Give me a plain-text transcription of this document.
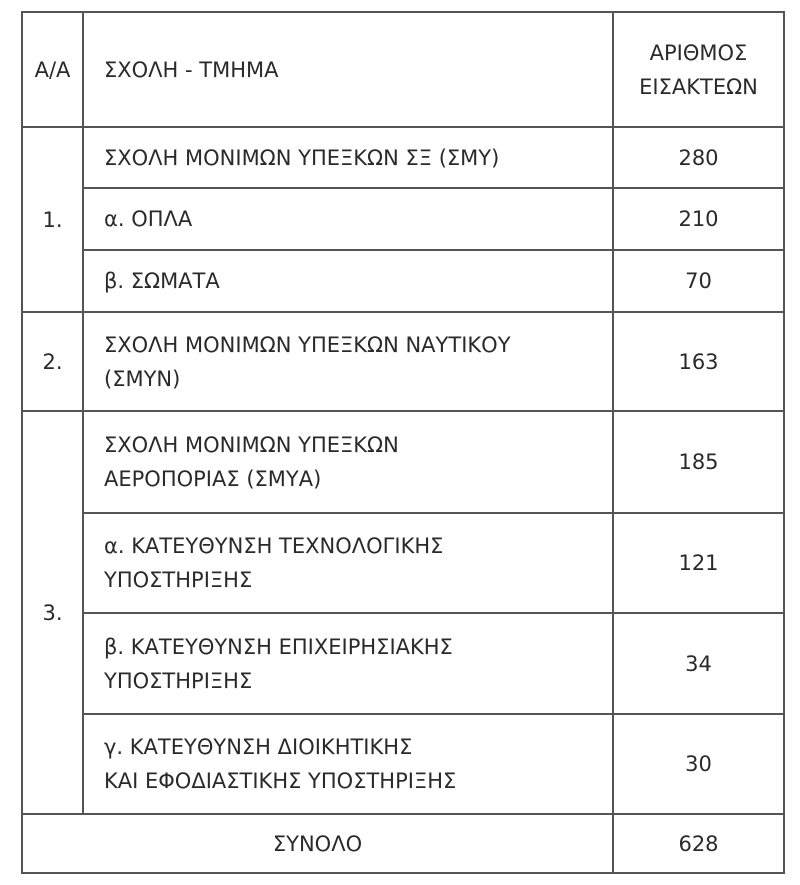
Α/Α	ΣΧΟΛΗ - ΤΜΗΜΑ	ΑΡΙΘΜΟΣ
ΕΙΣΑΚΤΕΩΝ
1.	ΣΧΟΛΗ ΜΟΝΙΜΩΝ ΥΠΕΞΚΩΝ ΣΞ (ΣΜΥ)	280
	α. ΟΠΛΑ	210
	β. ΣΩΜΑΤΑ	70
2.	ΣΧΟΛΗ ΜΟΝΙΜΩΝ ΥΠΕΞΚΩΝ ΝΑΥΤΙΚΟΥ
(ΣΜΥΝ)	163
3.	ΣΧΟΛΗ ΜΟΝΙΜΩΝ ΥΠΕΞΚΩΝ
ΑΕΡΟΠΟΡΙΑΣ (ΣΜΥΑ)	185
	α. ΚΑΤΕΥΘΥΝΣΗ ΤΕΧΝΟΛΟΓΙΚΗΣ
ΥΠΟΣΤΗΡΙΞΗΣ	121
	β. ΚΑΤΕΥΘΥΝΣΗ ΕΠΙΧΕΙΡΗΣΙΑΚΗΣ
ΥΠΟΣΤΗΡΙΞΗΣ	34
	γ. ΚΑΤΕΥΘΥΝΣΗ ΔΙΟΙΚΗΤΙΚΗΣ
ΚΑΙ ΕΦΟΔΙΑΣΤΙΚΗΣ ΥΠΟΣΤΗΡΙΞΗΣ	30
ΣΥΝΟΛΟ		628
